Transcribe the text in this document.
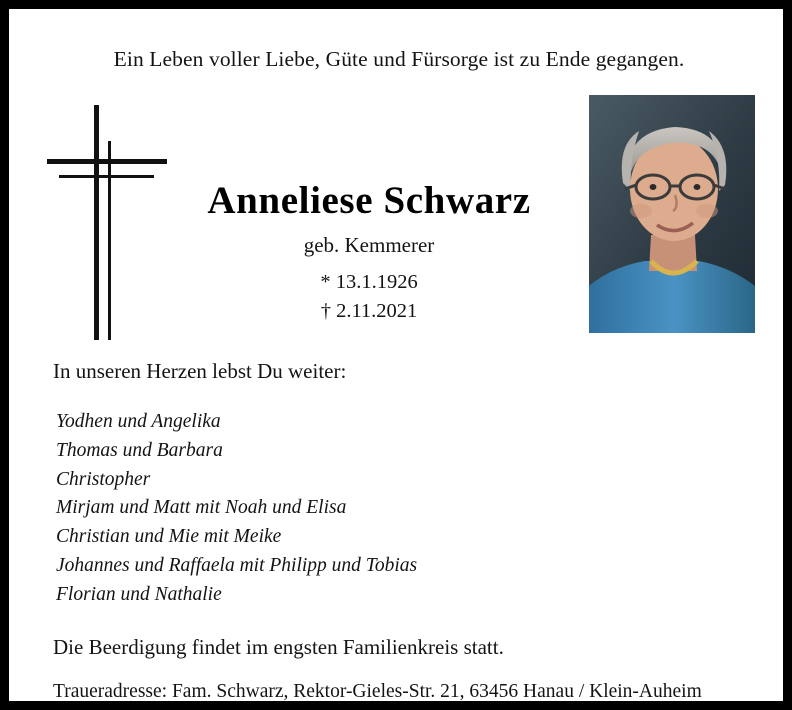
Ein Leben voller Liebe, Güte und Fürsorge ist zu Ende gegangen.
Anneliese Schwarz
geb. Kemmerer
* 13.1.1926
† 2.11.2021
In unseren Herzen lebst Du weiter:
Yodhen und Angelika
Thomas und Barbara
Christopher
Mirjam und Matt mit Noah und Elisa
Christian und Mie mit Meike
Johannes und Raffaela mit Philipp und Tobias
Florian und Nathalie
Die Beerdigung findet im engsten Familienkreis statt.
Traueradresse: Fam. Schwarz, Rektor-Gieles-Str. 21, 63456 Hanau / Klein-Auheim
